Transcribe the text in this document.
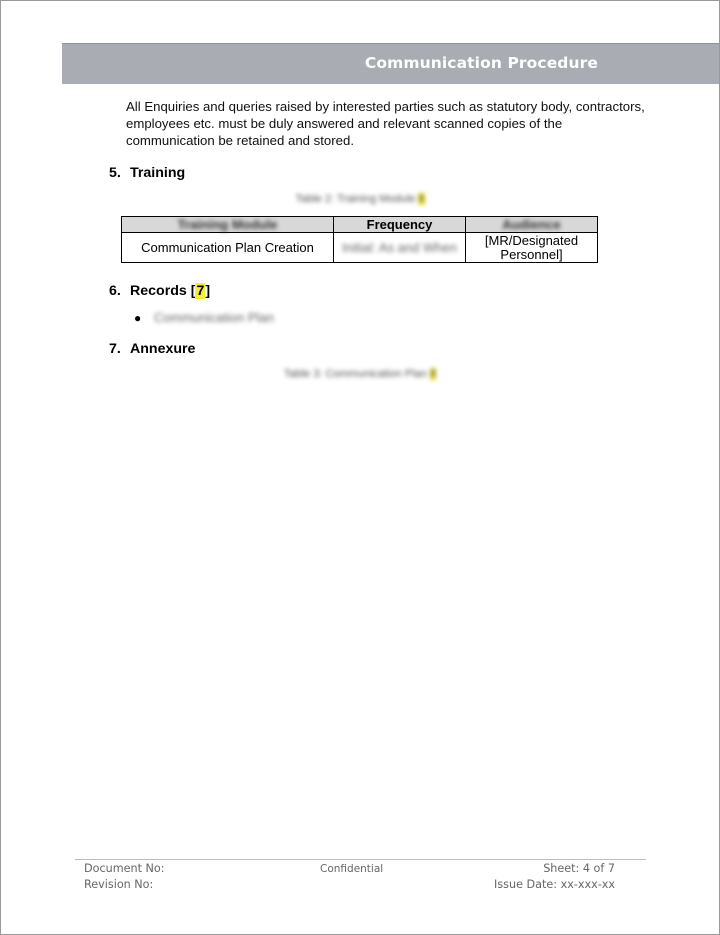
Communication Procedure

All Enquiries and queries raised by interested parties such as statutory body, contractors, employees etc. must be duly answered and relevant scanned copies of the communication be retained and stored.

5. Training
Table 2: Training Module 6
Training Module	Frequency	Audience
Communication Plan Creation	Initial: As and When	[MR/Designated Personnel]
6. Records [7]
● Communication Plan
7. Annexure
Table 3: Communication Plan 8
Document No:
Revision No:
Confidential	Sheet: 4 of 7
Issue Date: xx-xxx-xx
